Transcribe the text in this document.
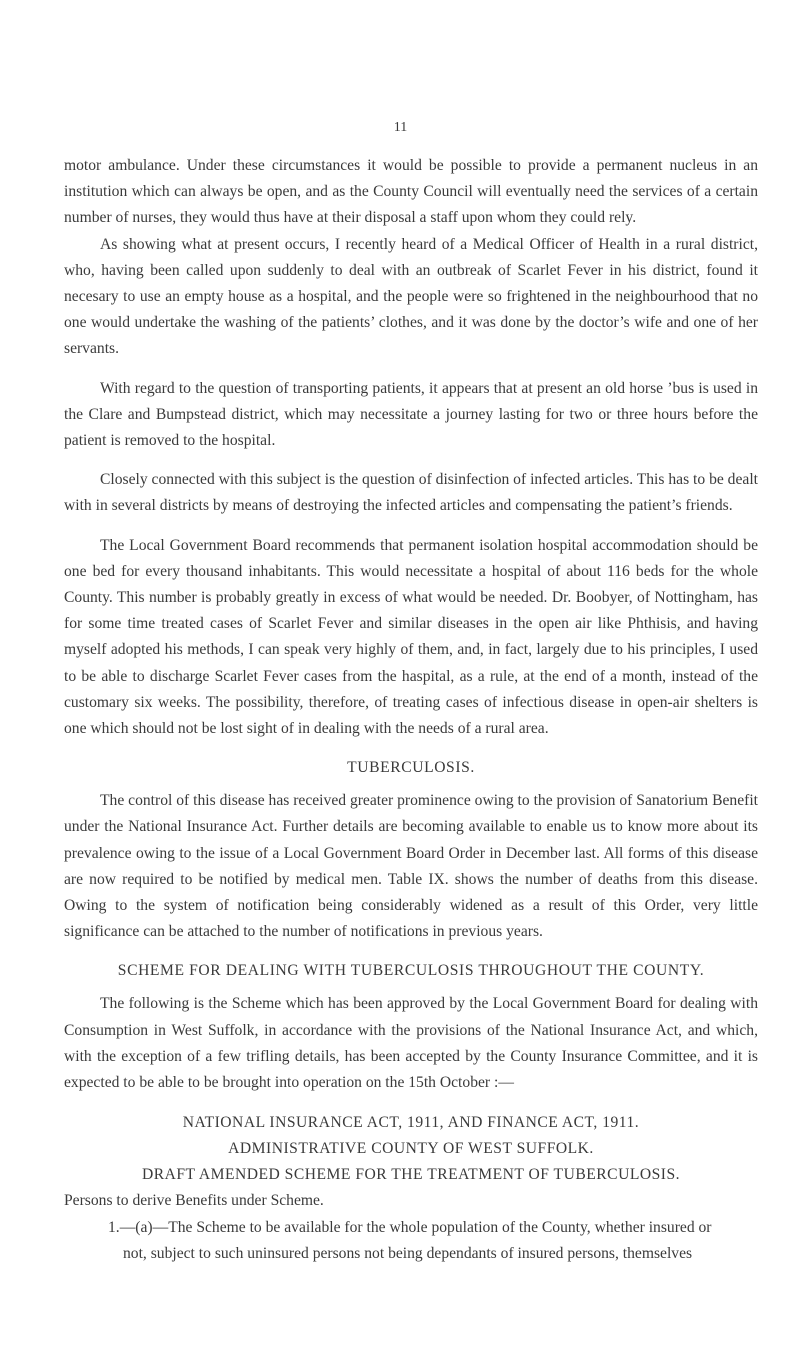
11

motor ambulance. Under these circumstances it would be possible to provide a permanent nucleus in an institution which can always be open, and as the County Council will eventually need the services of a certain number of nurses, they would thus have at their disposal a staff upon whom they could rely.

As showing what at present occurs, I recently heard of a Medical Officer of Health in a rural district, who, having been called upon suddenly to deal with an outbreak of Scarlet Fever in his district, found it necesary to use an empty house as a hospital, and the people were so frightened in the neighbourhood that no one would undertake the washing of the patients’ clothes, and it was done by the doctor’s wife and one of her servants.

With regard to the question of transporting patients, it appears that at present an old horse ’bus is used in the Clare and Bumpstead district, which may necessitate a journey lasting for two or three hours before the patient is removed to the hospital.

Closely connected with this subject is the question of disinfection of infected articles. This has to be dealt with in several districts by means of destroying the infected articles and compensating the patient’s friends.

The Local Government Board recommends that permanent isolation hospital accommodation should be one bed for every thousand inhabitants. This would necessitate a hospital of about 116 beds for the whole County. This number is probably greatly in excess of what would be needed. Dr. Boobyer, of Nottingham, has for some time treated cases of Scarlet Fever and similar diseases in the open air like Phthisis, and having myself adopted his methods, I can speak very highly of them, and, in fact, largely due to his principles, I used to be able to discharge Scarlet Fever cases from the haspital, as a rule, at the end of a month, instead of the customary six weeks. The possibility, therefore, of treating cases of infectious disease in open-air shelters is one which should not be lost sight of in dealing with the needs of a rural area.

TUBERCULOSIS.

The control of this disease has received greater prominence owing to the provision of Sanatorium Benefit under the National Insurance Act. Further details are becoming available to enable us to know more about its prevalence owing to the issue of a Local Government Board Order in December last. All forms of this disease are now required to be notified by medical men. Table IX. shows the number of deaths from this disease. Owing to the system of notification being considerably widened as a result of this Order, very little significance can be attached to the number of notifications in previous years.

SCHEME FOR DEALING WITH TUBERCULOSIS THROUGHOUT THE COUNTY.

The following is the Scheme which has been approved by the Local Government Board for dealing with Consumption in West Suffolk, in accordance with the provisions of the National Insurance Act, and which, with the exception of a few trifling details, has been accepted by the County Insurance Committee, and it is expected to be able to be brought into operation on the 15th October :—

NATIONAL INSURANCE ACT, 1911, AND FINANCE ACT, 1911.
ADMINISTRATIVE COUNTY OF WEST SUFFOLK.
DRAFT AMENDED SCHEME FOR THE TREATMENT OF TUBERCULOSIS.

Persons to derive Benefits under Scheme.

1.—(a)—The Scheme to be available for the whole population of the County, whether insured or

not, subject to such uninsured persons not being dependants of insured persons, themselves
